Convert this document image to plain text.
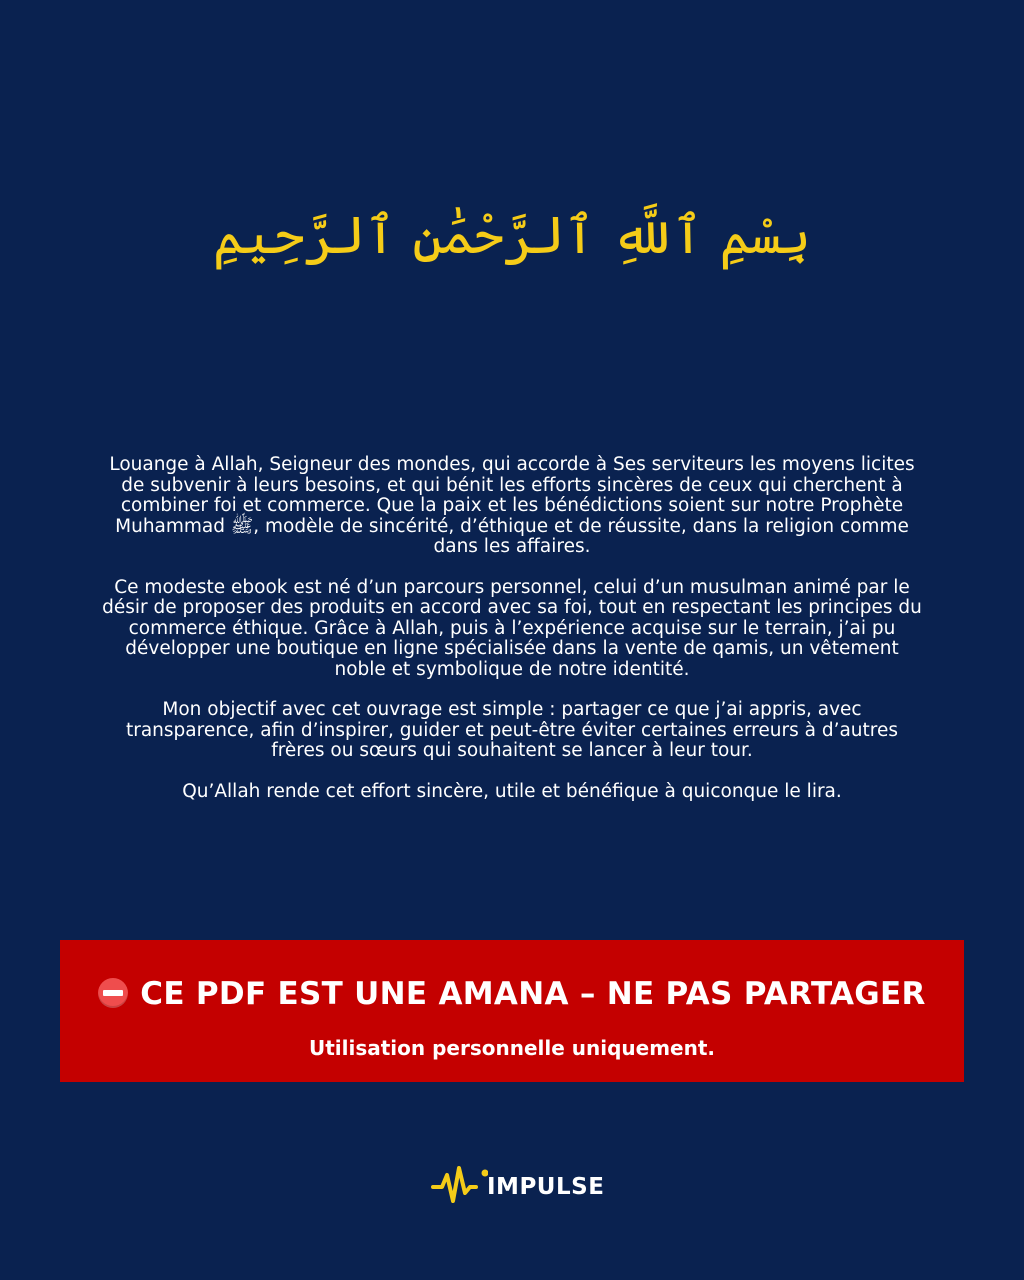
بِسْمِ ٱللَّهِ ٱلرَّحْمَٰنِ ٱلرَّحِيمِ

Louange à Allah, Seigneur des mondes, qui accorde à Ses serviteurs les moyens licites de subvenir à leurs besoins, et qui bénit les efforts sincères de ceux qui cherchent à combiner foi et commerce. Que la paix et les bénédictions soient sur notre Prophète Muhammad ﷺ, modèle de sincérité, d’éthique et de réussite, dans la religion comme dans les affaires.

Ce modeste ebook est né d’un parcours personnel, celui d’un musulman animé par le désir de proposer des produits en accord avec sa foi, tout en respectant les principes du commerce éthique. Grâce à Allah, puis à l’expérience acquise sur le terrain, j’ai pu développer une boutique en ligne spécialisée dans la vente de qamis, un vêtement noble et symbolique de notre identité.

Mon objectif avec cet ouvrage est simple : partager ce que j’ai appris, avec transparence, afin d’inspirer, guider et peut-être éviter certaines erreurs à d’autres frères ou sœurs qui souhaitent se lancer à leur tour.

Qu’Allah rende cet effort sincère, utile et bénéfique à quiconque le lira.

CE PDF EST UNE AMANA – NE PAS PARTAGER
Utilisation personnelle uniquement.
IMPULSE
